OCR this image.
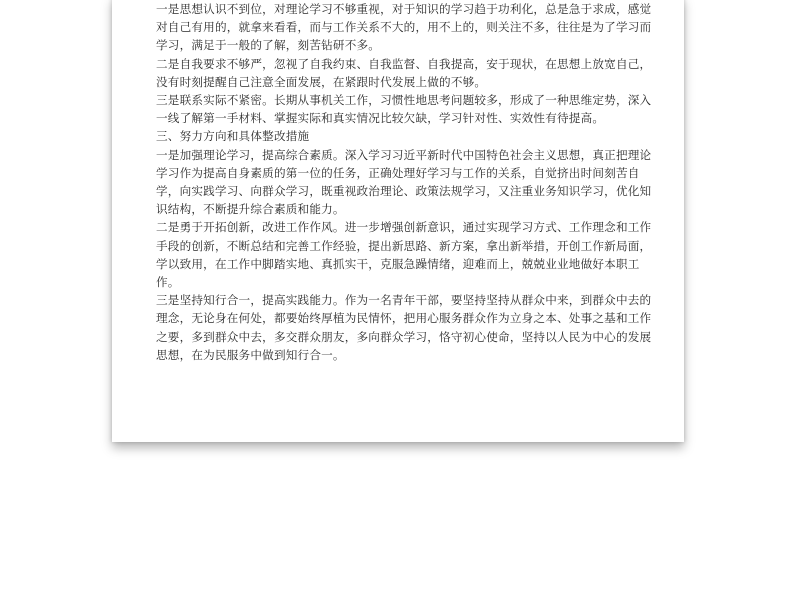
一是思想认识不到位，对理论学习不够重视，对于知识的学习趋于功利化，总是急于求成，感觉对自己有用的，就拿来看看，而与工作关系不大的，用不上的，则关注不多，往往是为了学习而学习，满足于一般的了解，刻苦钻研不多。

二是自我要求不够严，忽视了自我约束、自我监督、自我提高，安于现状，在思想上放宽自己，没有时刻提醒自己注意全面发展，在紧跟时代发展上做的不够。

三是联系实际不紧密。长期从事机关工作，习惯性地思考问题较多，形成了一种思维定势，深入一线了解第一手材料、掌握实际和真实情况比较欠缺，学习针对性、实效性有待提高。

三、努力方向和具体整改措施

一是加强理论学习，提高综合素质。深入学习习近平新时代中国特色社会主义思想，真正把理论学习作为提高自身素质的第一位的任务，正确处理好学习与工作的关系，自觉挤出时间刻苦自学，向实践学习、向群众学习，既重视政治理论、政策法规学习，又注重业务知识学习，优化知识结构，不断提升综合素质和能力。

二是勇于开拓创新，改进工作作风。进一步增强创新意识，通过实现学习方式、工作理念和工作手段的创新，不断总结和完善工作经验，提出新思路、新方案，拿出新举措，开创工作新局面，学以致用，在工作中脚踏实地、真抓实干，克服急躁情绪，迎难而上，兢兢业业地做好本职工作。

三是坚持知行合一，提高实践能力。作为一名青年干部，要坚持坚持从群众中来，到群众中去的理念，无论身在何处，都要始终厚植为民情怀，把用心服务群众作为立身之本、处事之基和工作之要，多到群众中去，多交群众朋友，多向群众学习，恪守初心使命，坚持以人民为中心的发展思想，在为民服务中做到知行合一。
